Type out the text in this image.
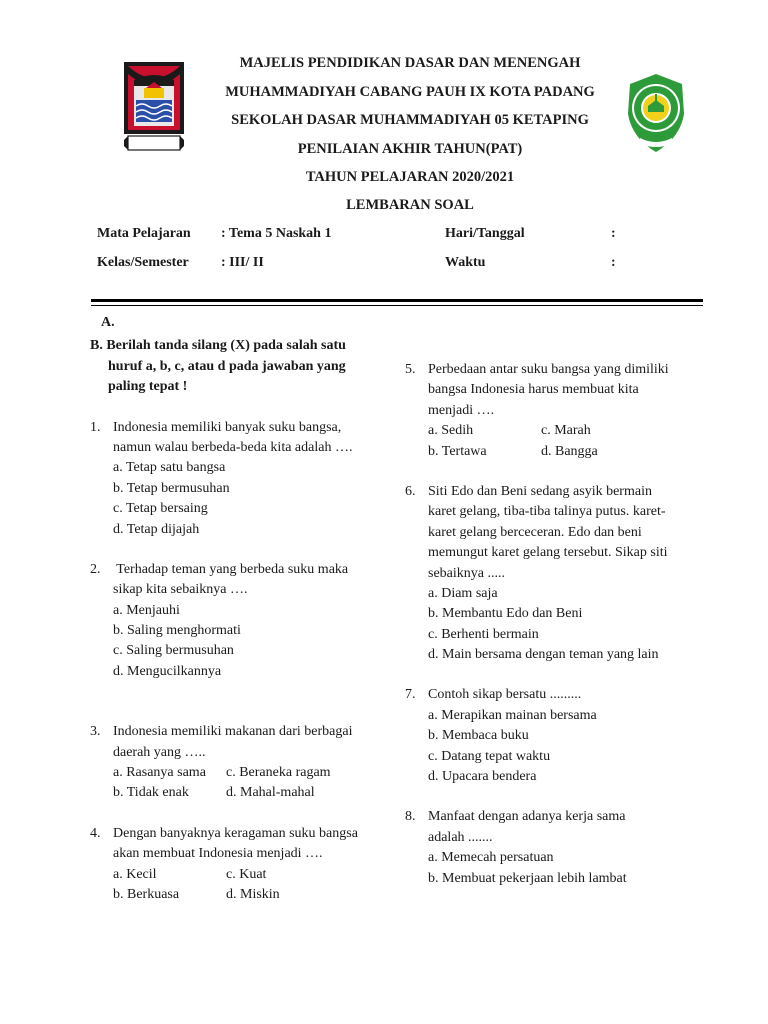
MAJELIS PENDIDIKAN DASAR DAN MENENGAH
MUHAMMADIYAH CABANG PAUH IX KOTA PADANG
SEKOLAH DASAR MUHAMMADIYAH 05 KETAPING
PENILAIAN AKHIR TAHUN(PAT)
TAHUN PELAJARAN 2020/2021
LEMBARAN SOAL
Mata Pelajaran : Tema 5 Naskah 1	Hari/Tanggal	:
Kelas/Semester : III/ II	Waktu	:
A.
B. Berilah tanda silang (X) pada salah satu
huruf a, b, c, atau d pada jawaban yang
paling tepat !
1. Indonesia memiliki banyak suku bangsa,
namun walau berbeda-beda kita adalah ….
a. Tetap satu bangsa
b. Tetap bermusuhan
c. Tetap bersaing
d. Tetap dijajah
2. Terhadap teman yang berbeda suku maka
sikap kita sebaiknya ….
a. Menjauhi
b. Saling menghormati
c. Saling bermusuhan
d. Mengucilkannya
3. Indonesia memiliki makanan dari berbagai
daerah yang …..
a. Rasanya sama	c. Beraneka ragam
b. Tidak enak	d. Mahal-mahal
4. Dengan banyaknya keragaman suku bangsa
akan membuat Indonesia menjadi ….
a. Kecil	c. Kuat
b. Berkuasa	d. Miskin
5. Perbedaan antar suku bangsa yang dimiliki
bangsa Indonesia harus membuat kita
menjadi ….
a. Sedih	c. Marah
b. Tertawa	d. Bangga
6. Siti Edo dan Beni sedang asyik bermain
karet gelang, tiba-tiba talinya putus. karet-
karet gelang berceceran. Edo dan beni
memungut karet gelang tersebut. Sikap siti
sebaiknya .....
a. Diam saja
b. Membantu Edo dan Beni
c. Berhenti bermain
d. Main bersama dengan teman yang lain
7. Contoh sikap bersatu .........
a. Merapikan mainan bersama
b. Membaca buku
c. Datang tepat waktu
d. Upacara bendera
8. Manfaat dengan adanya kerja sama
adalah .......
a. Memecah persatuan
b. Membuat pekerjaan lebih lambat
